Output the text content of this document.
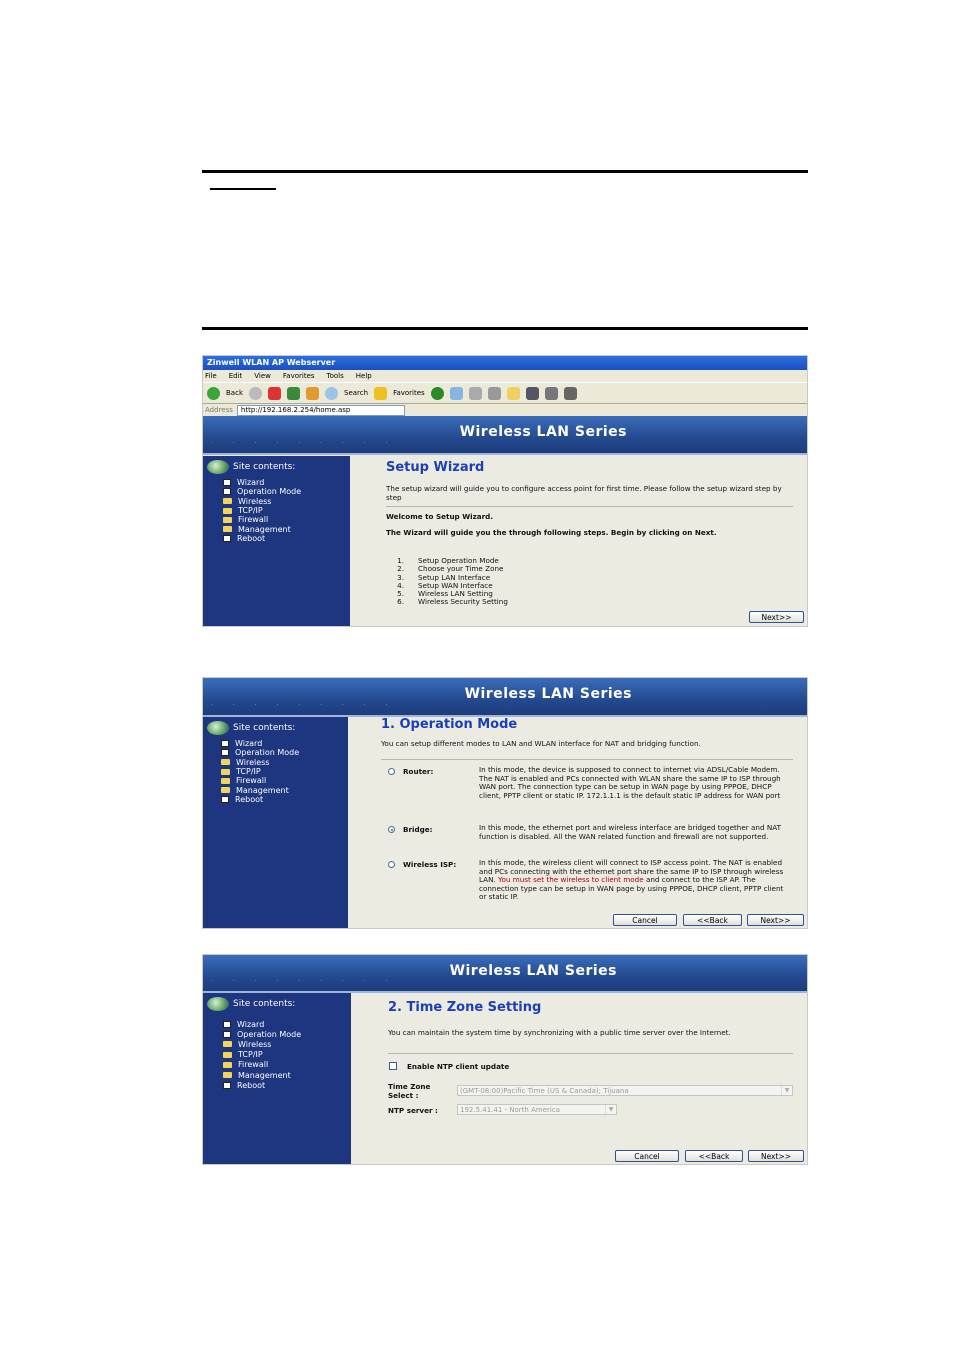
Zinwell WLAN AP Webserver
File Edit View Favorites Tools Help
Back	Search	Favorites
Address	http://192.168.2.254/home.asp
· · · · · · · · ·
Wireless LAN Series
Site contents:
Wizard
Operation Mode
Wireless
TCP/IP
Firewall
Management
Reboot
Setup Wizard
The setup wizard will guide you to configure access point for first time. Please follow the setup wizard step by step
Welcome to Setup Wizard.
The Wizard will guide you the through following steps. Begin by clicking on Next.
1. Setup Operation Mode
2. Choose your Time Zone
3. Setup LAN Interface
4. Setup WAN Interface
5. Wireless LAN Setting
6. Wireless Security Setting
Next>>
· · · · · · · · ·
Wireless LAN Series
Site contents:
Wizard
Operation Mode
Wireless
TCP/IP
Firewall
Management
Reboot
1. Operation Mode
You can setup different modes to LAN and WLAN interface for NAT and bridging function.
Router:	In this mode, the device is supposed to connect to internet via ADSL/Cable Modem. The NAT is enabled and PCs connected with WLAN share the same IP to ISP through WAN port. The connection type can be setup in WAN page by using PPPOE, DHCP client, PPTP client or static IP. 172.1.1.1 is the default static IP address for WAN port
Bridge:	In this mode, the ethernet port and wireless interface are bridged together and NAT function is disabled. All the WAN related function and firewall are not supported.
Wireless ISP:	In this mode, the wireless client will connect to ISP access point. The NAT is enabled and PCs connecting with the ethernet port share the same IP to ISP through wireless LAN. You must set the wireless to client mode and connect to the ISP AP. The connection type can be setup in WAN page by using PPPOE, DHCP client, PPTP client or static IP.
Cancel	<<Back	Next>>
· · · · · · · · ·
Wireless LAN Series
Site contents:
Wizard
Operation Mode
Wireless
TCP/IP
Firewall
Management
Reboot
2. Time Zone Setting
You can maintain the system time by synchronizing with a public time server over the Internet.
Enable NTP client update
Time Zone
Select :	(GMT-08:00)Pacific Time (US & Canada); Tijuana	▼
NTP server :	192.5.41.41 - North America	▼
Cancel	<<Back	Next>>
